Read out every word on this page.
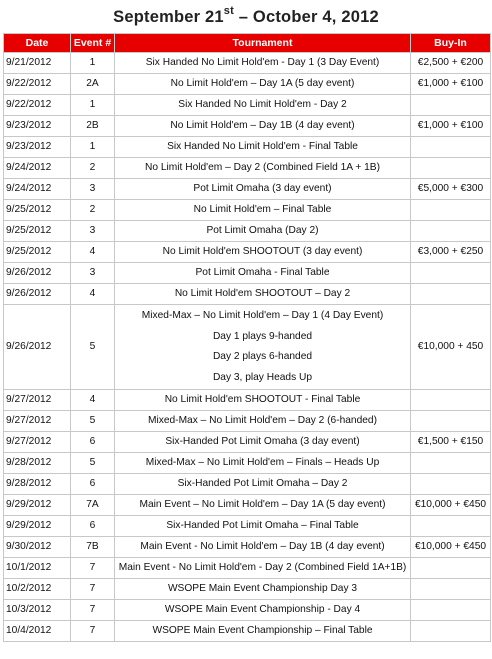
September 21st – October 4, 2012
Date	Event #	Tournament	Buy-In
9/21/2012	1	Six Handed No Limit Hold'em - Day 1 (3 Day Event)	€2,500 + €200
9/22/2012	2A	No Limit Hold'em – Day 1A (5 day event)	€1,000 + €100
9/22/2012	1	Six Handed No Limit Hold'em - Day 2	
9/23/2012	2B	No Limit Hold'em – Day 1B (4 day event)	€1,000 + €100
9/23/2012	1	Six Handed No Limit Hold'em - Final Table	
9/24/2012	2	No Limit Hold'em – Day 2 (Combined Field 1A + 1B)	
9/24/2012	3	Pot Limit Omaha (3 day event)	€5,000 + €300
9/25/2012	2	No Limit Hold'em – Final Table	
9/25/2012	3	Pot Limit Omaha (Day 2)	
9/25/2012	4	No Limit Hold'em SHOOTOUT (3 day event)	€3,000 + €250
9/26/2012	3	Pot Limit Omaha - Final Table	
9/26/2012	4	No Limit Hold'em SHOOTOUT – Day 2	
9/26/2012	5	Mixed-Max – No Limit Hold'em – Day 1 (4 Day Event)
Day 1 plays 9-handed
Day 2 plays 6-handed
Day 3, play Heads Up	€10,000 + 450
9/27/2012	4	No Limit Hold'em SHOOTOUT - Final Table	
9/27/2012	5	Mixed-Max – No Limit Hold'em – Day 2 (6-handed)	
9/27/2012	6	Six-Handed Pot Limit Omaha (3 day event)	€1,500 + €150
9/28/2012	5	Mixed-Max – No Limit Hold'em – Finals – Heads Up	
9/28/2012	6	Six-Handed Pot Limit Omaha – Day 2	
9/29/2012	7A	Main Event – No Limit Hold'em – Day 1A (5 day event)	€10,000 + €450
9/29/2012	6	Six-Handed Pot Limit Omaha – Final Table	
9/30/2012	7B	Main Event - No Limit Hold'em – Day 1B (4 day event)	€10,000 + €450
10/1/2012	7	Main Event - No Limit Hold'em - Day 2 (Combined Field 1A+1B)	
10/2/2012	7	WSOPE Main Event Championship Day 3	
10/3/2012	7	WSOPE Main Event Championship - Day 4	
10/4/2012	7	WSOPE Main Event Championship – Final Table	
